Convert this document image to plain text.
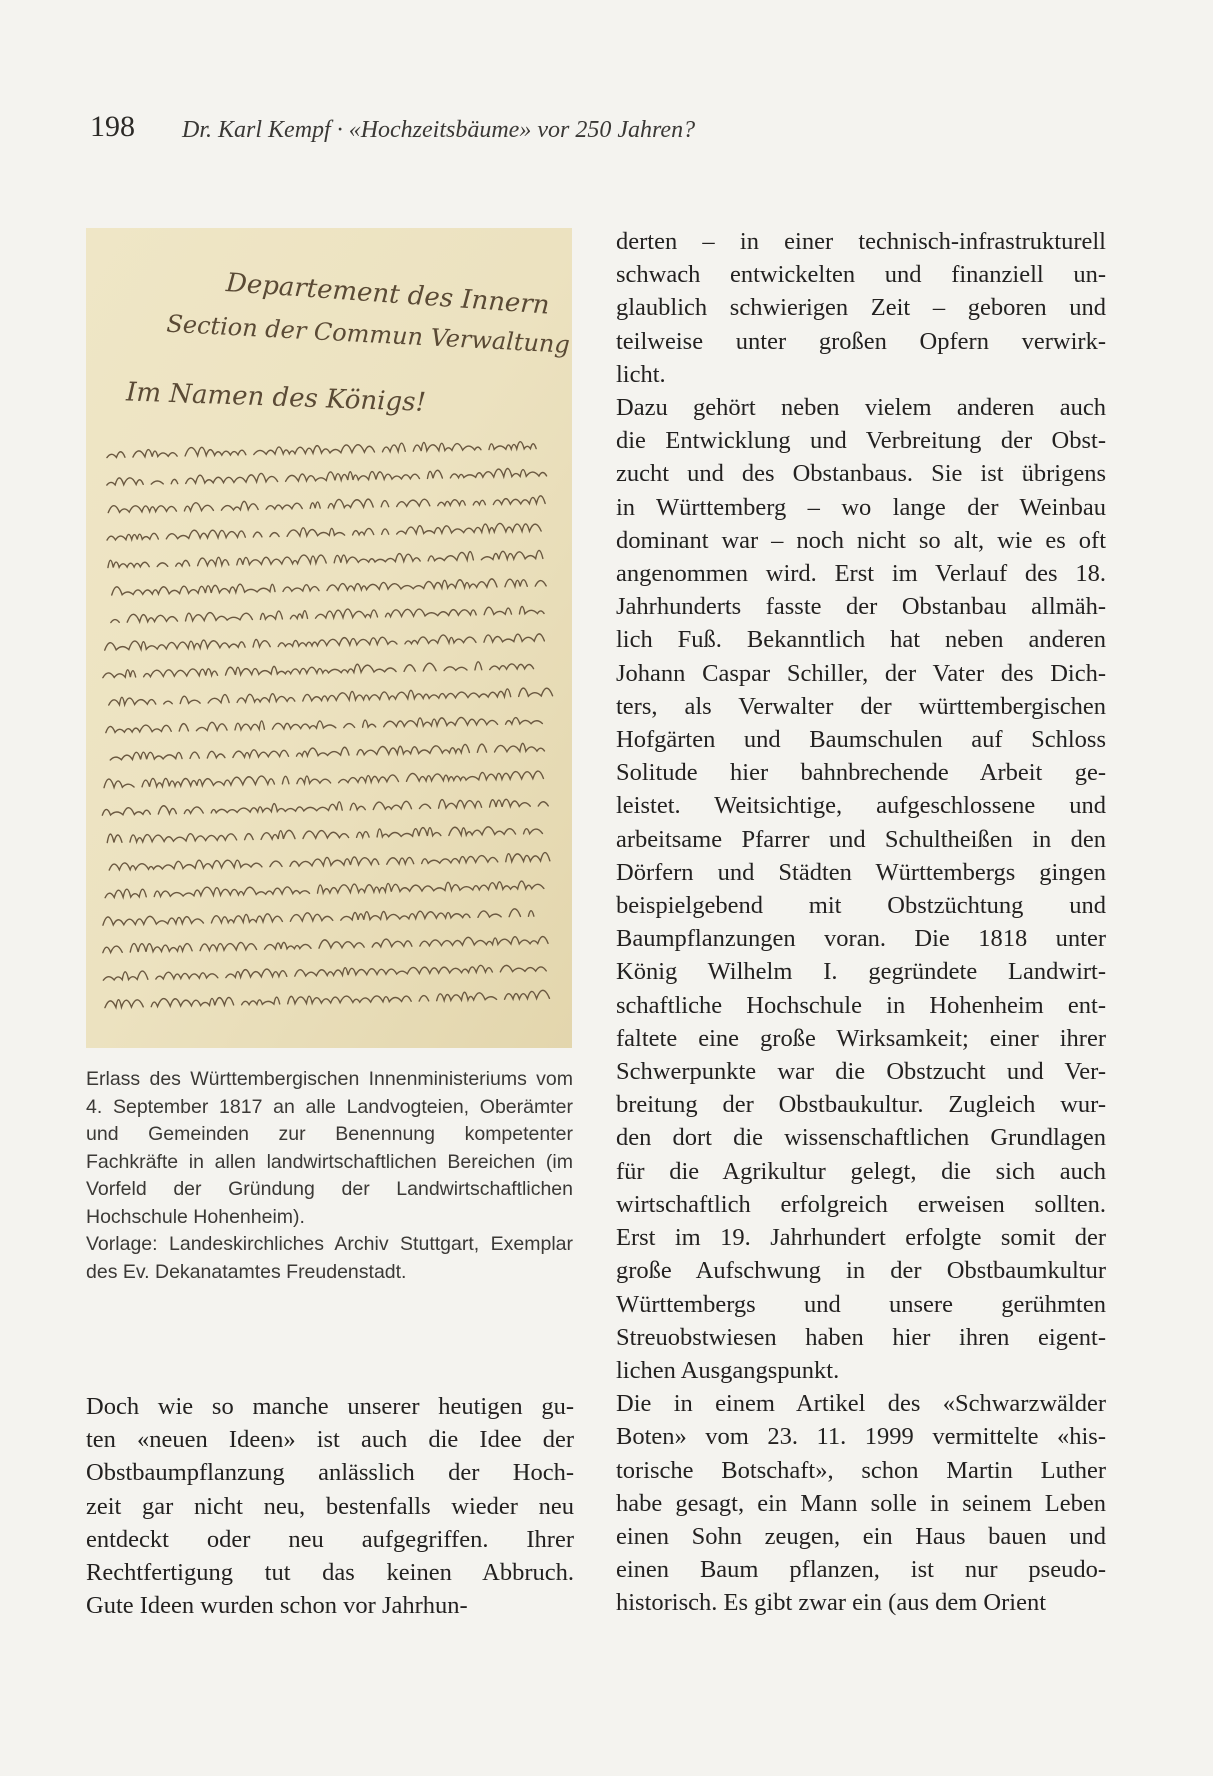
198 Dr. Karl Kempf · «Hochzeitsbäume» vor 250 Jahren?
Departement des Innern
Section der Commun Verwaltung
Im Namen des Königs!

Erlass des Württembergischen Innenministeriums vom 4. September 1817 an alle Landvogteien, Oberämter und Gemeinden zur Benennung kompetenter Fachkräfte in allen landwirtschaftlichen Bereichen (im Vorfeld der Gründung der Landwirtschaftlichen Hochschule Hohenheim).

Vorlage: Landeskirchliches Archiv Stuttgart, Exemplar des Ev. Dekanatamtes Freudenstadt.

Doch wie so manche unserer heutigen gu-
ten «neuen Ideen» ist auch die Idee der
Obstbaumpflanzung anlässlich der Hoch-
zeit gar nicht neu, bestenfalls wieder neu
entdeckt oder neu aufgegriffen. Ihrer
Rechtfertigung tut das keinen Abbruch.
Gute Ideen wurden schon vor Jahrhun-
derten – in einer technisch-infrastrukturell
schwach entwickelten und finanziell un-
glaublich schwierigen Zeit – geboren und
teilweise unter großen Opfern verwirk-
licht.
Dazu gehört neben vielem anderen auch
die Entwicklung und Verbreitung der Obst-
zucht und des Obstanbaus. Sie ist übrigens
in Württemberg – wo lange der Weinbau
dominant war – noch nicht so alt, wie es oft
angenommen wird. Erst im Verlauf des 18.
Jahrhunderts fasste der Obstanbau allmäh-
lich Fuß. Bekanntlich hat neben anderen
Johann Caspar Schiller, der Vater des Dich-
ters, als Verwalter der württembergischen
Hofgärten und Baumschulen auf Schloss
Solitude hier bahnbrechende Arbeit ge-
leistet. Weitsichtige, aufgeschlossene und
arbeitsame Pfarrer und Schultheißen in den
Dörfern und Städten Württembergs gingen
beispielgebend mit Obstzüchtung und
Baumpflanzungen voran. Die 1818 unter
König Wilhelm I. gegründete Landwirt-
schaftliche Hochschule in Hohenheim ent-
faltete eine große Wirksamkeit; einer ihrer
Schwerpunkte war die Obstzucht und Ver-
breitung der Obstbaukultur. Zugleich wur-
den dort die wissenschaftlichen Grundlagen
für die Agrikultur gelegt, die sich auch
wirtschaftlich erfolgreich erweisen sollten.
Erst im 19. Jahrhundert erfolgte somit der
große Aufschwung in der Obstbaumkultur
Württembergs und unsere gerühmten
Streuobstwiesen haben hier ihren eigent-
lichen Ausgangspunkt.
Die in einem Artikel des «Schwarzwälder
Boten» vom 23. 11. 1999 vermittelte «his-
torische Botschaft», schon Martin Luther
habe gesagt, ein Mann solle in seinem Leben
einen Sohn zeugen, ein Haus bauen und
einen Baum pflanzen, ist nur pseudo-
historisch. Es gibt zwar ein (aus dem Orient
